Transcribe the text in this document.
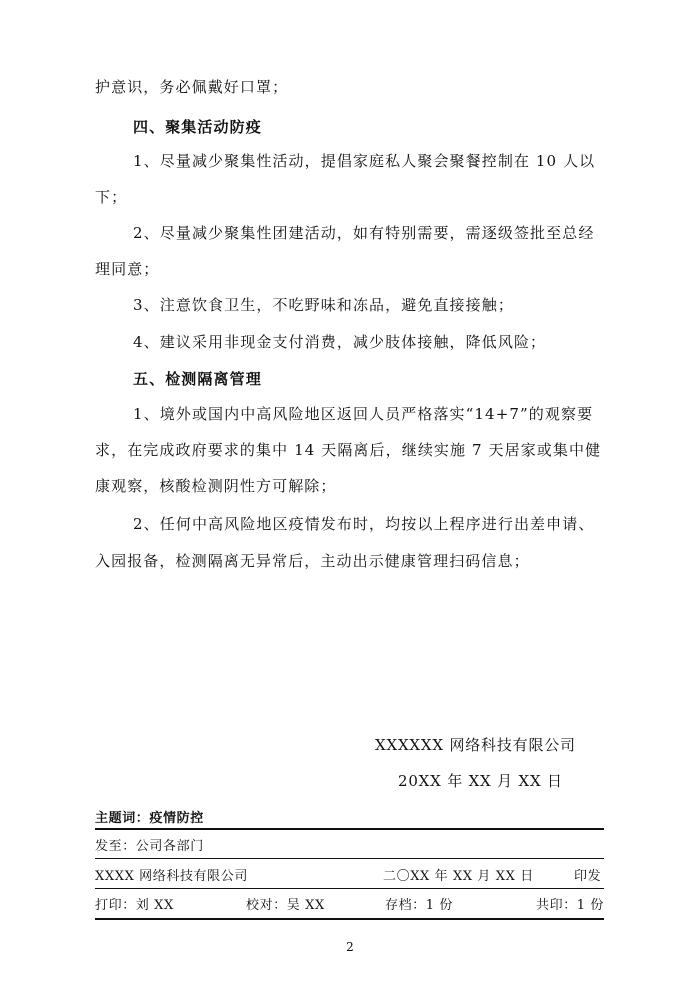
护意识，务必佩戴好口罩；
四、聚集活动防疫
1、尽量减少聚集性活动，提倡家庭私人聚会聚餐控制在 10 人以
下；
2、尽量减少聚集性团建活动，如有特别需要，需逐级签批至总经
理同意；
3、注意饮食卫生，不吃野味和冻品，避免直接接触；
4、建议采用非现金支付消费，减少肢体接触，降低风险；
五、检测隔离管理
1、境外或国内中高风险地区返回人员严格落实“14+7”的观察要
求，在完成政府要求的集中 14 天隔离后，继续实施 7 天居家或集中健
康观察，核酸检测阴性方可解除；
2、任何中高风险地区疫情发布时，均按以上程序进行出差申请、
入园报备，检测隔离无异常后，主动出示健康管理扫码信息；
XXXXXX 网络科技有限公司
20XX 年 XX 月 XX 日
主题词：疫情防控
发至：公司各部门
XXXX 网络科技有限公司	二〇XX 年 XX 月 XX 日	印发
打印：刘 XX	校对：吴 XX	存档：1 份	共印：1 份
2
